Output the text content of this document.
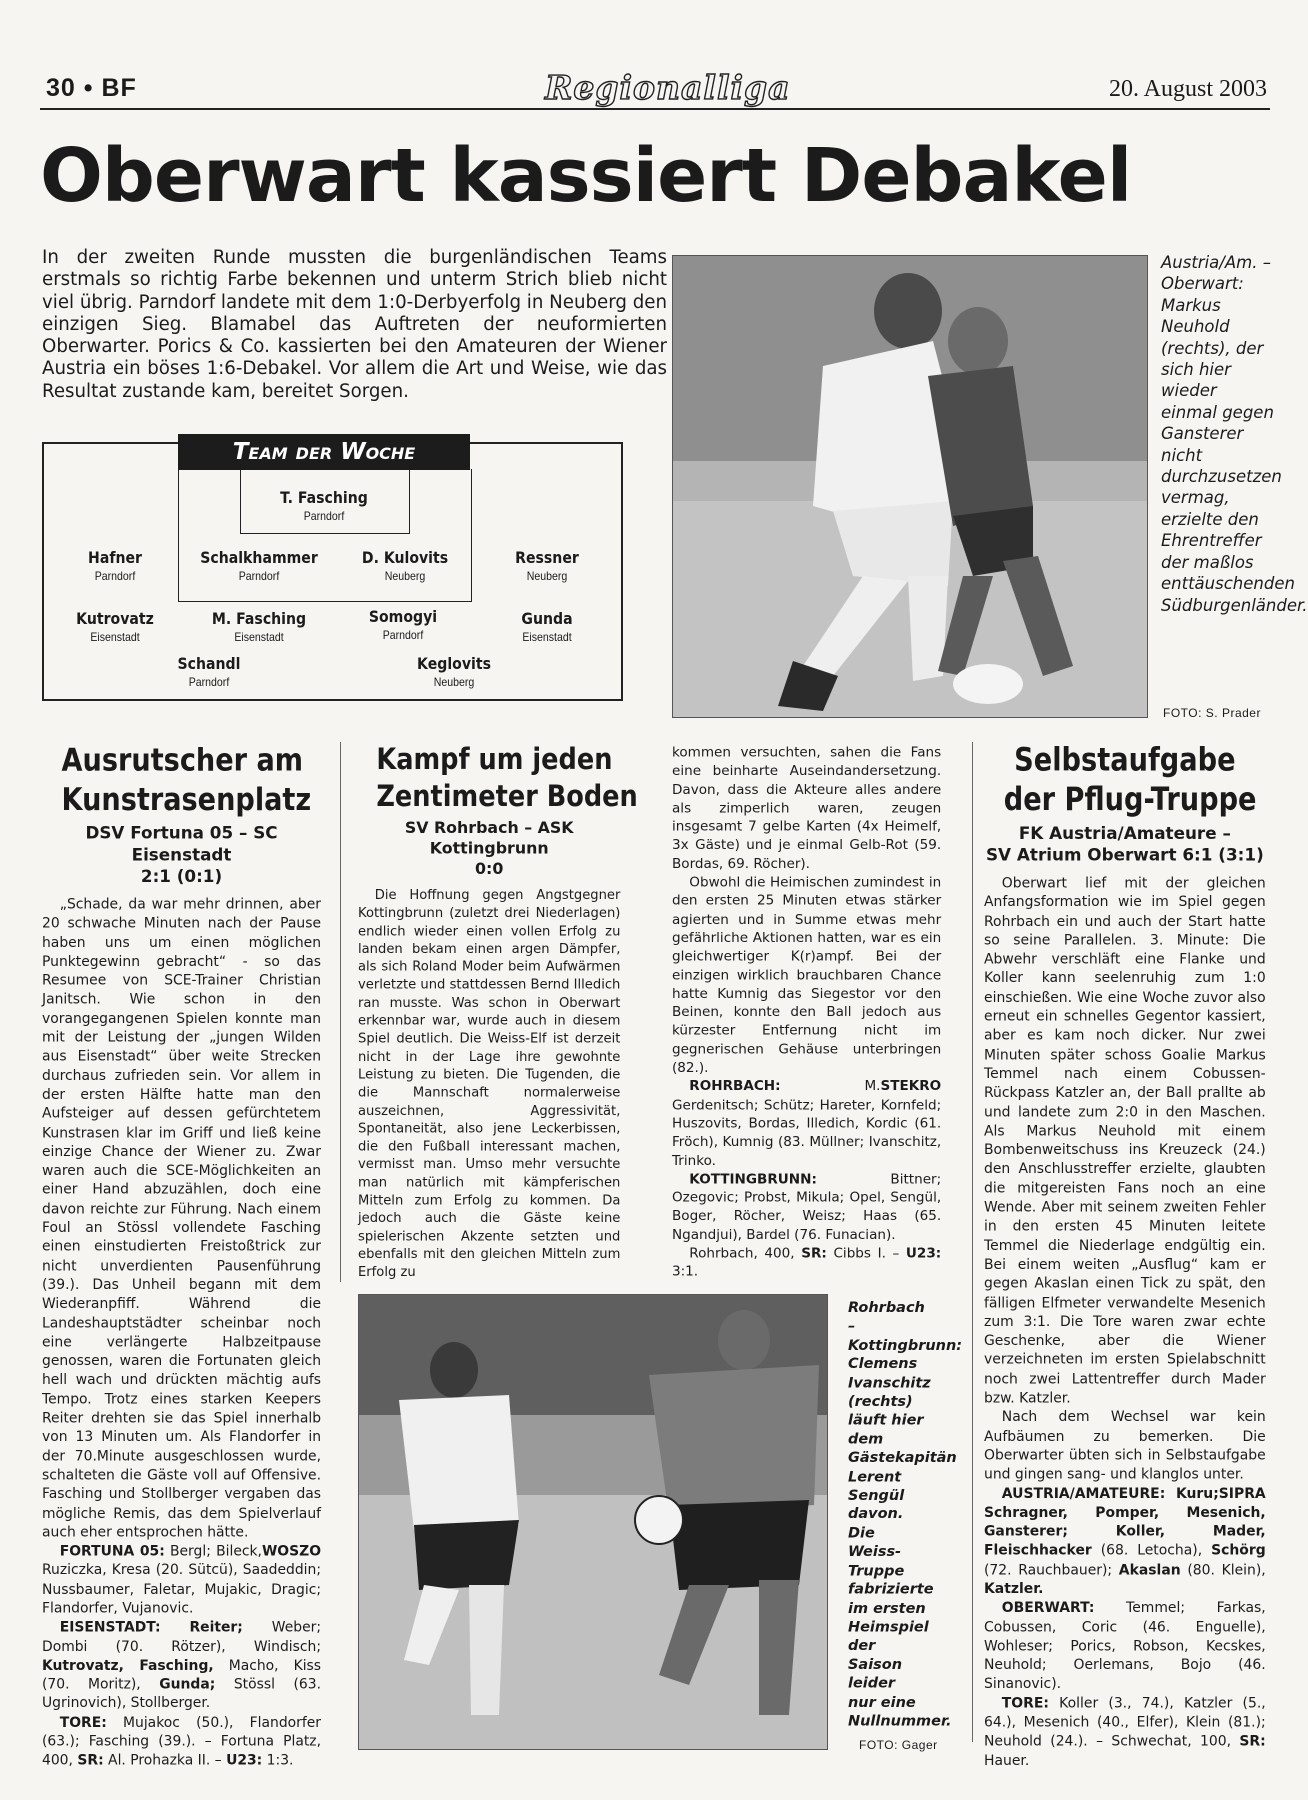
30 • BF	Regionalliga	20. August 2003
Oberwart kassiert Debakel
In der zweiten Runde mussten die burgenländischen Teams erstmals so richtig Farbe bekennen und unterm Strich blieb nicht viel übrig. Parndorf landete mit dem 1:0-Derbyerfolg in Neuberg den einzigen Sieg. Blamabel das Auftreten der neuformierten Oberwarter. Porics & Co. kassierten bei den Amateuren der Wiener Austria ein böses 1:6-Debakel. Vor allem die Art und Weise, wie das Resultat zustande kam, bereitet Sorgen.
Team der Woche
T. Fasching
Parndorf
Hafner
Parndorf
Schalkhammer
Parndorf
D. Kulovits
Neuberg
Ressner
Neuberg
Kutrovatz
Eisenstadt
M. Fasching
Eisenstadt
Somogyi
Parndorf
Gunda
Eisenstadt
Schandl
Parndorf
Keglovits
Neuberg
Austria/Am. – Oberwart: Markus Neuhold (rechts), der sich hier wieder einmal gegen Gansterer nicht durchzusetzen vermag, erzielte den Ehrentreffer der maßlos enttäuschenden Südburgenländer.
FOTO: S. Prader
Ausrutscher am
Kunstrasenplatz
DSV Fortuna 05 – SC Eisenstadt
2:1 (0:1)

„Schade, da war mehr drinnen, aber 20 schwache Minuten nach der Pause haben uns um einen möglichen Punktegewinn gebracht“ - so das Resumee von SCE-Trainer Christian Janitsch. Wie schon in den vorangegangenen Spielen konnte man mit der Leistung der „jungen Wilden aus Eisenstadt“ über weite Strecken durchaus zufrieden sein. Vor allem in der ersten Hälfte hatte man den Aufsteiger auf dessen gefürchtetem Kunstrasen klar im Griff und ließ keine einzige Chance der Wiener zu. Zwar waren auch die SCE-Möglichkeiten an einer Hand abzuzählen, doch eine davon reichte zur Führung. Nach einem Foul an Stössl vollendete Fasching einen einstudierten Freistoßtrick zur nicht unverdienten Pausenführung (39.). Das Unheil begann mit dem Wiederanpfiff. Während die Landeshauptstädter scheinbar noch eine verlängerte Halbzeitpause genossen, waren die Fortunaten gleich hell wach und drückten mächtig aufs Tempo. Trotz eines starken Keepers Reiter drehten sie das Spiel innerhalb von 13 Minuten um. Als Flandorfer in der 70.Minute ausgeschlossen wurde, schalteten die Gäste voll auf Offensive. Fasching und Stollberger vergaben das mögliche Remis, das dem Spielverlauf auch eher entsprochen hätte.

WOSZO
FORTUNA 05: Bergl; Bileck, Ruziczka, Kresa (20. Sütcü), Saadeddin; Nussbaumer, Faletar, Mujakic, Dragic; Flandorfer, Vujanovic.
EISENSTADT: Reiter; Weber; Dombi (70. Rötzer), Windisch; Kutrovatz, Fasching, Macho, Kiss (70. Moritz), Gunda; Stössl (63. Ugrinovich), Stollberger.
TORE: Mujakoc (50.), Flandorfer (63.); Fasching (39.). – Fortuna Platz, 400, SR: Al. Prohazka II. – U23: 1:3.
Kampf um jeden
Zentimeter Boden
SV Rohrbach – ASK Kottingbrunn
0:0

Die Hoffnung gegen Angstgegner Kottingbrunn (zuletzt drei Niederlagen) endlich wieder einen vollen Erfolg zu landen bekam einen argen Dämpfer, als sich Roland Moder beim Aufwärmen verletzte und stattdessen Bernd Illedich ran musste. Was schon in Oberwart erkennbar war, wurde auch in diesem Spiel deutlich. Die Weiss-Elf ist derzeit nicht in der Lage ihre gewohnte Leistung zu bieten. Die Tugenden, die die Mannschaft normalerweise auszeichnen, Aggressivität, Spontaneität, also jene Leckerbissen, die den Fußball interessant machen, vermisst man. Umso mehr versuchte man natürlich mit kämpferischen Mitteln zum Erfolg zu kommen. Da jedoch auch die Gäste keine spielerischen Akzente setzten und ebenfalls mit den gleichen Mitteln zum Erfolg zu

kommen versuchten, sahen die Fans eine beinharte Auseindandersetzung. Davon, dass die Akteure alles andere als zimperlich waren, zeugen insgesamt 7 gelbe Karten (4x Heimelf, 3x Gäste) und je einmal Gelb-Rot (59. Bordas, 69. Röcher).

Obwohl die Heimischen zumindest in den ersten 25 Minuten etwas stärker agierten und in Summe etwas mehr gefährliche Aktionen hatten, war es ein gleichwertiger K(r)ampf. Bei der einzigen wirklich brauchbaren Chance hatte Kumnig das Siegestor vor den Beinen, konnte den Ball jedoch aus kürzester Entfernung nicht im gegnerischen Gehäuse unterbringen (82.).

STEKRO
ROHRBACH:	M. Gerdenitsch; Schütz; Hareter, Kornfeld; Huszovits, Bordas, Illedich, Kordic (61. Fröch), Kumnig (83. Müllner; Ivanschitz, Trinko.
KOTTINGBRUNN:	Bittner; Ozegovic; Probst, Mikula; Opel, Sengül, Boger, Röcher, Weisz; Haas (65. Ngandjui), Bardel (76. Funacian).
Rohrbach, 400, SR: Cibbs I. – U23: 3:1.
Rohrbach – Kottingbrunn: Clemens Ivanschitz (rechts) läuft hier dem Gästekapitän Lerent Sengül davon. Die Weiss-Truppe fabrizierte im ersten Heimspiel der Saison leider nur eine Nullnummer.
FOTO: Gager
Selbstaufgabe
der Pflug-Truppe
FK Austria/Amateure –
SV Atrium Oberwart 6:1 (3:1)

Oberwart lief mit der gleichen Anfangsformation wie im Spiel gegen Rohrbach ein und auch der Start hatte so seine Parallelen. 3. Minute: Die Abwehr verschläft eine Flanke und Koller kann seelenruhig zum 1:0 einschießen. Wie eine Woche zuvor also erneut ein schnelles Gegentor kassiert, aber es kam noch dicker. Nur zwei Minuten später schoss Goalie Markus Temmel nach einem Cobussen-Rückpass Katzler an, der Ball prallte ab und landete zum 2:0 in den Maschen. Als Markus Neuhold mit einem Bombenweitschuss ins Kreuzeck (24.) den Anschlusstreffer erzielte, glaubten die mitgereisten Fans noch an eine Wende. Aber mit seinem zweiten Fehler in den ersten 45 Minuten leitete Temmel die Niederlage endgültig ein. Bei einem weiten „Ausflug“ kam er gegen Akaslan einen Tick zu spät, den fälligen Elfmeter verwandelte Mesenich zum 3:1. Die Tore waren zwar echte Geschenke, aber die Wiener verzeichneten im ersten Spielabschnitt noch zwei Lattentreffer durch Mader bzw. Katzler.

Nach dem Wechsel war kein Aufbäumen zu bemerken. Die Oberwarter übten sich in Selbstaufgabe und gingen sang- und klanglos unter.

SIPRA
AUSTRIA/AMATEURE: Kuru; Schragner, Pomper, Mesenich, Gansterer; Koller, Mader, Fleischhacker (68. Letocha), Schörg (72. Rauchbauer); Akaslan (80. Klein), Katzler.
OBERWART: Temmel; Farkas, Cobussen, Coric (46. Enguelle), Wohleser; Porics, Robson, Kecskes, Neuhold; Oerlemans, Bojo (46. Sinanovic).
TORE: Koller (3., 74.), Katzler (5., 64.), Mesenich (40., Elfer), Klein (81.); Neuhold (24.). – Schwechat, 100, SR: Hauer.
